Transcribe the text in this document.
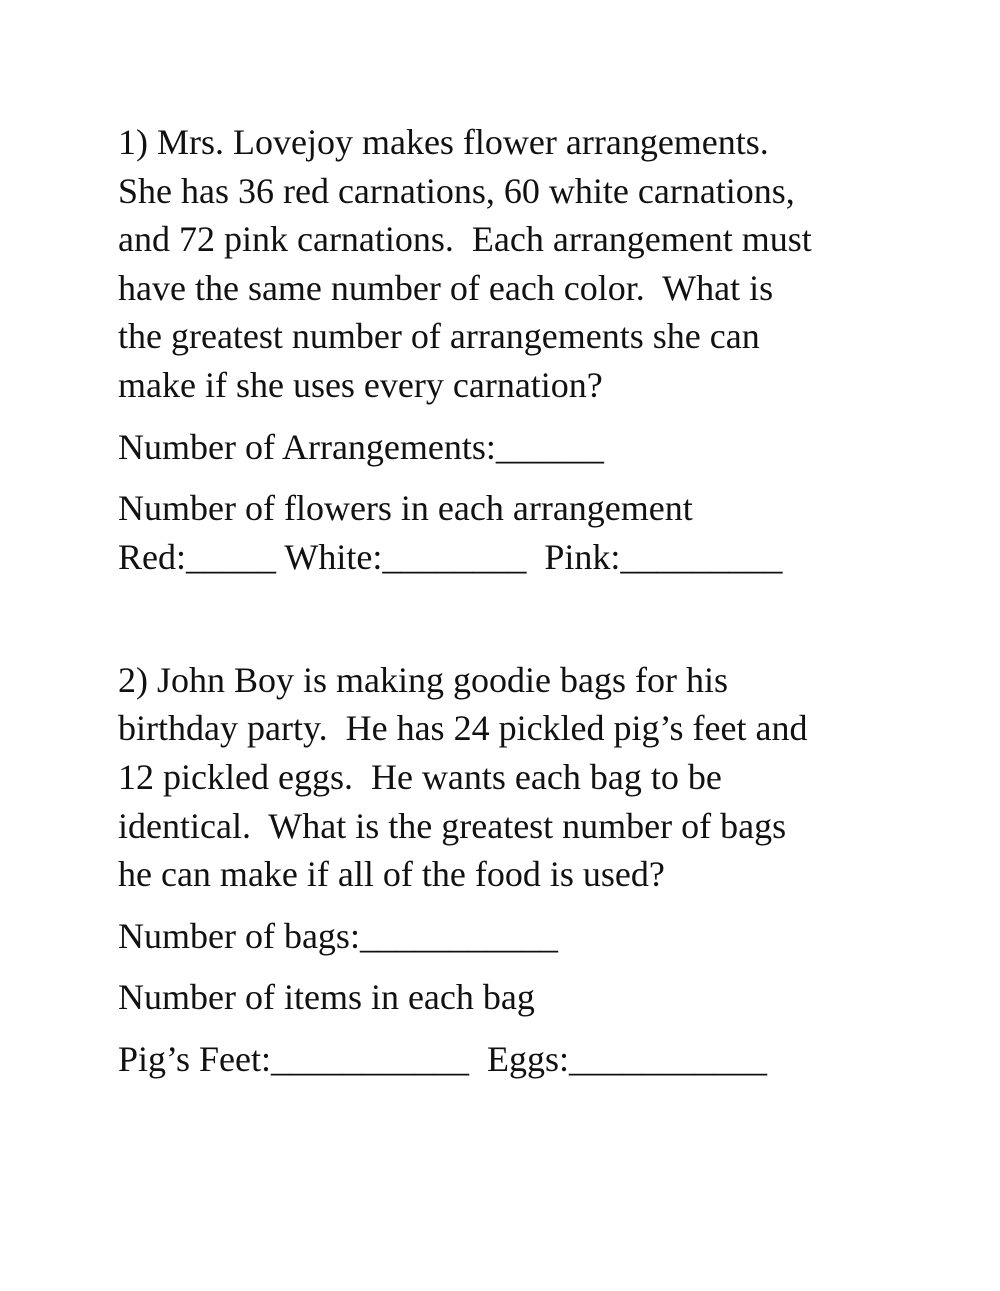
1) Mrs. Lovejoy makes flower arrangements.
She has 36 red carnations, 60 white carnations,
and 72 pink carnations.  Each arrangement must
have the same number of each color.  What is
the greatest number of arrangements she can
make if she uses every carnation?
Number of Arrangements:______
Number of flowers in each arrangement
Red:_____ White:________ Pink:_________
2) John Boy is making goodie bags for his
birthday party.  He has 24 pickled pig’s feet and
12 pickled eggs.  He wants each bag to be
identical.  What is the greatest number of bags
he can make if all of the food is used?
Number of bags:___________
Number of items in each bag
Pig’s Feet:___________ Eggs:___________
